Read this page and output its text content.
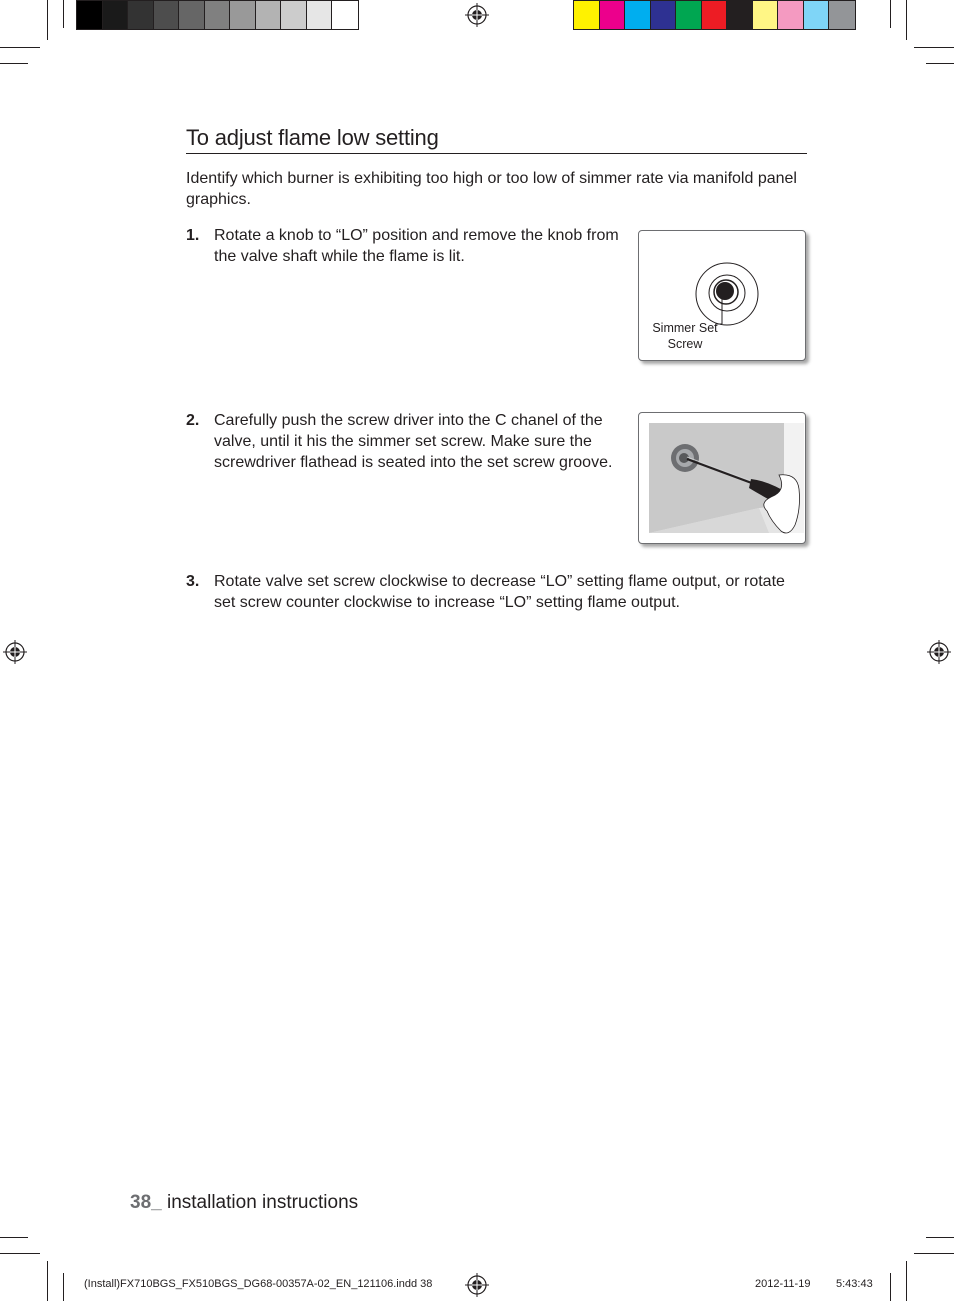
To adjust flame low setting

Identify which burner is exhibiting too high or too low of simmer rate via manifold panel graphics.

1. Rotate a knob to “LO” position and remove the knob from the valve shaft while the flame is lit.
Simmer Set
Screw
2. Carefully push the screw driver into the C chanel of the valve, until it his the simmer set screw. Make sure the screwdriver flathead is seated into the set screw groove.
3. Rotate valve set screw clockwise to decrease “LO” setting flame output, or rotate set screw counter clockwise to increase “LO” setting flame output.
38_ installation instructions
(Install)FX710BGS_FX510BGS_DG68-00357A-02_EN_121106.indd 38	2012-11-19 5:43:43
